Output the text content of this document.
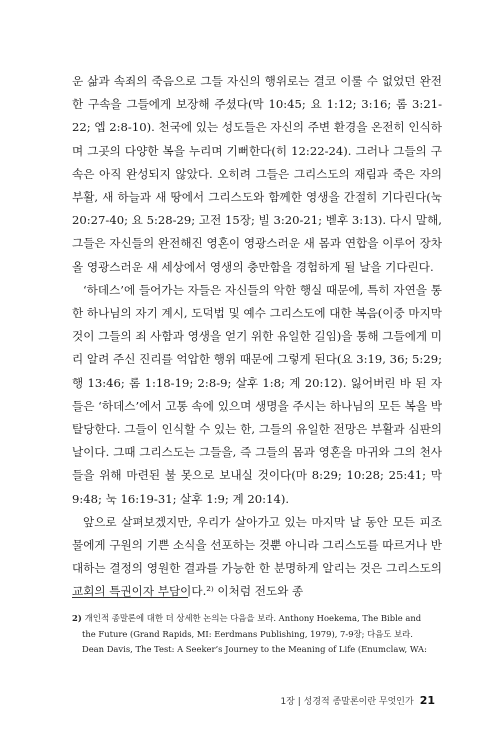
운 삶과 속죄의 죽음으로 그들 자신의 행위로는 결코 이룰 수 없었던 완전한 구속을 그들에게 보장해 주셨다(막 10:45; 요 1:12; 3:16; 롬 3:21-22; 엡 2:8-10). 천국에 있는 성도들은 자신의 주변 환경을 온전히 인식하며 그곳의 다양한 복을 누리며 기뻐한다(히 12:22-24). 그러나 그들의 구속은 아직 완성되지 않았다. 오히려 그들은 그리스도의 재림과 죽은 자의 부활, 새 하늘과 새 땅에서 그리스도와 함께한 영생을 간절히 기다린다(눅 20:27-40; 요 5:28-29; 고전 15장; 빌 3:20-21; 벧후 3:13). 다시 말해, 그들은 자신들의 완전해진 영혼이 영광스러운 새 몸과 연합을 이루어 장차 올 영광스러운 새 세상에서 영생의 충만함을 경험하게 될 날을 기다린다.

‘하데스’에 들어가는 자들은 자신들의 악한 행실 때문에, 특히 자연을 통한 하나님의 자기 계시, 도덕법 및 예수 그리스도에 대한 복음(이중 마지막 것이 그들의 죄 사함과 영생을 얻기 위한 유일한 길임)을 통해 그들에게 미리 알려 주신 진리를 억압한 행위 때문에 그렇게 된다(요 3:19, 36; 5:29; 행 13:46; 롬 1:18-19; 2:8-9; 살후 1:8; 계 20:12). 잃어버린 바 된 자들은 ‘하데스’에서 고통 속에 있으며 생명을 주시는 하나님의 모든 복을 박탈당한다. 그들이 인식할 수 있는 한, 그들의 유일한 전망은 부활과 심판의 날이다. 그때 그리스도는 그들을, 즉 그들의 몸과 영혼을 마귀와 그의 천사들을 위해 마련된 불 못으로 보내실 것이다(마 8:29; 10:28; 25:41; 막 9:48; 눅 16:19-31; 살후 1:9; 계 20:14).

앞으로 살펴보겠지만, 우리가 살아가고 있는 마지막 날 동안 모든 피조물에게 구원의 기쁜 소식을 선포하는 것뿐 아니라 그리스도를 따르거나 반대하는 결정의 영원한 결과를 가능한 한 분명하게 알리는 것은 그리스도의 교회의 특권이자 부담이다.²⁾ 이처럼 전도와 종

2) 개인적 종말론에 대한 더 상세한 논의는 다음을 보라. Anthony Hoekema, The Bible and
the Future (Grand Rapids, MI: Eerdmans Publishing, 1979), 7-9장; 다음도 보라.
Dean Davis, The Test: A Seeker’s Journey to the Meaning of Life (Enumclaw, WA:
1장 | 성경적 종말론이란 무엇인가 21
